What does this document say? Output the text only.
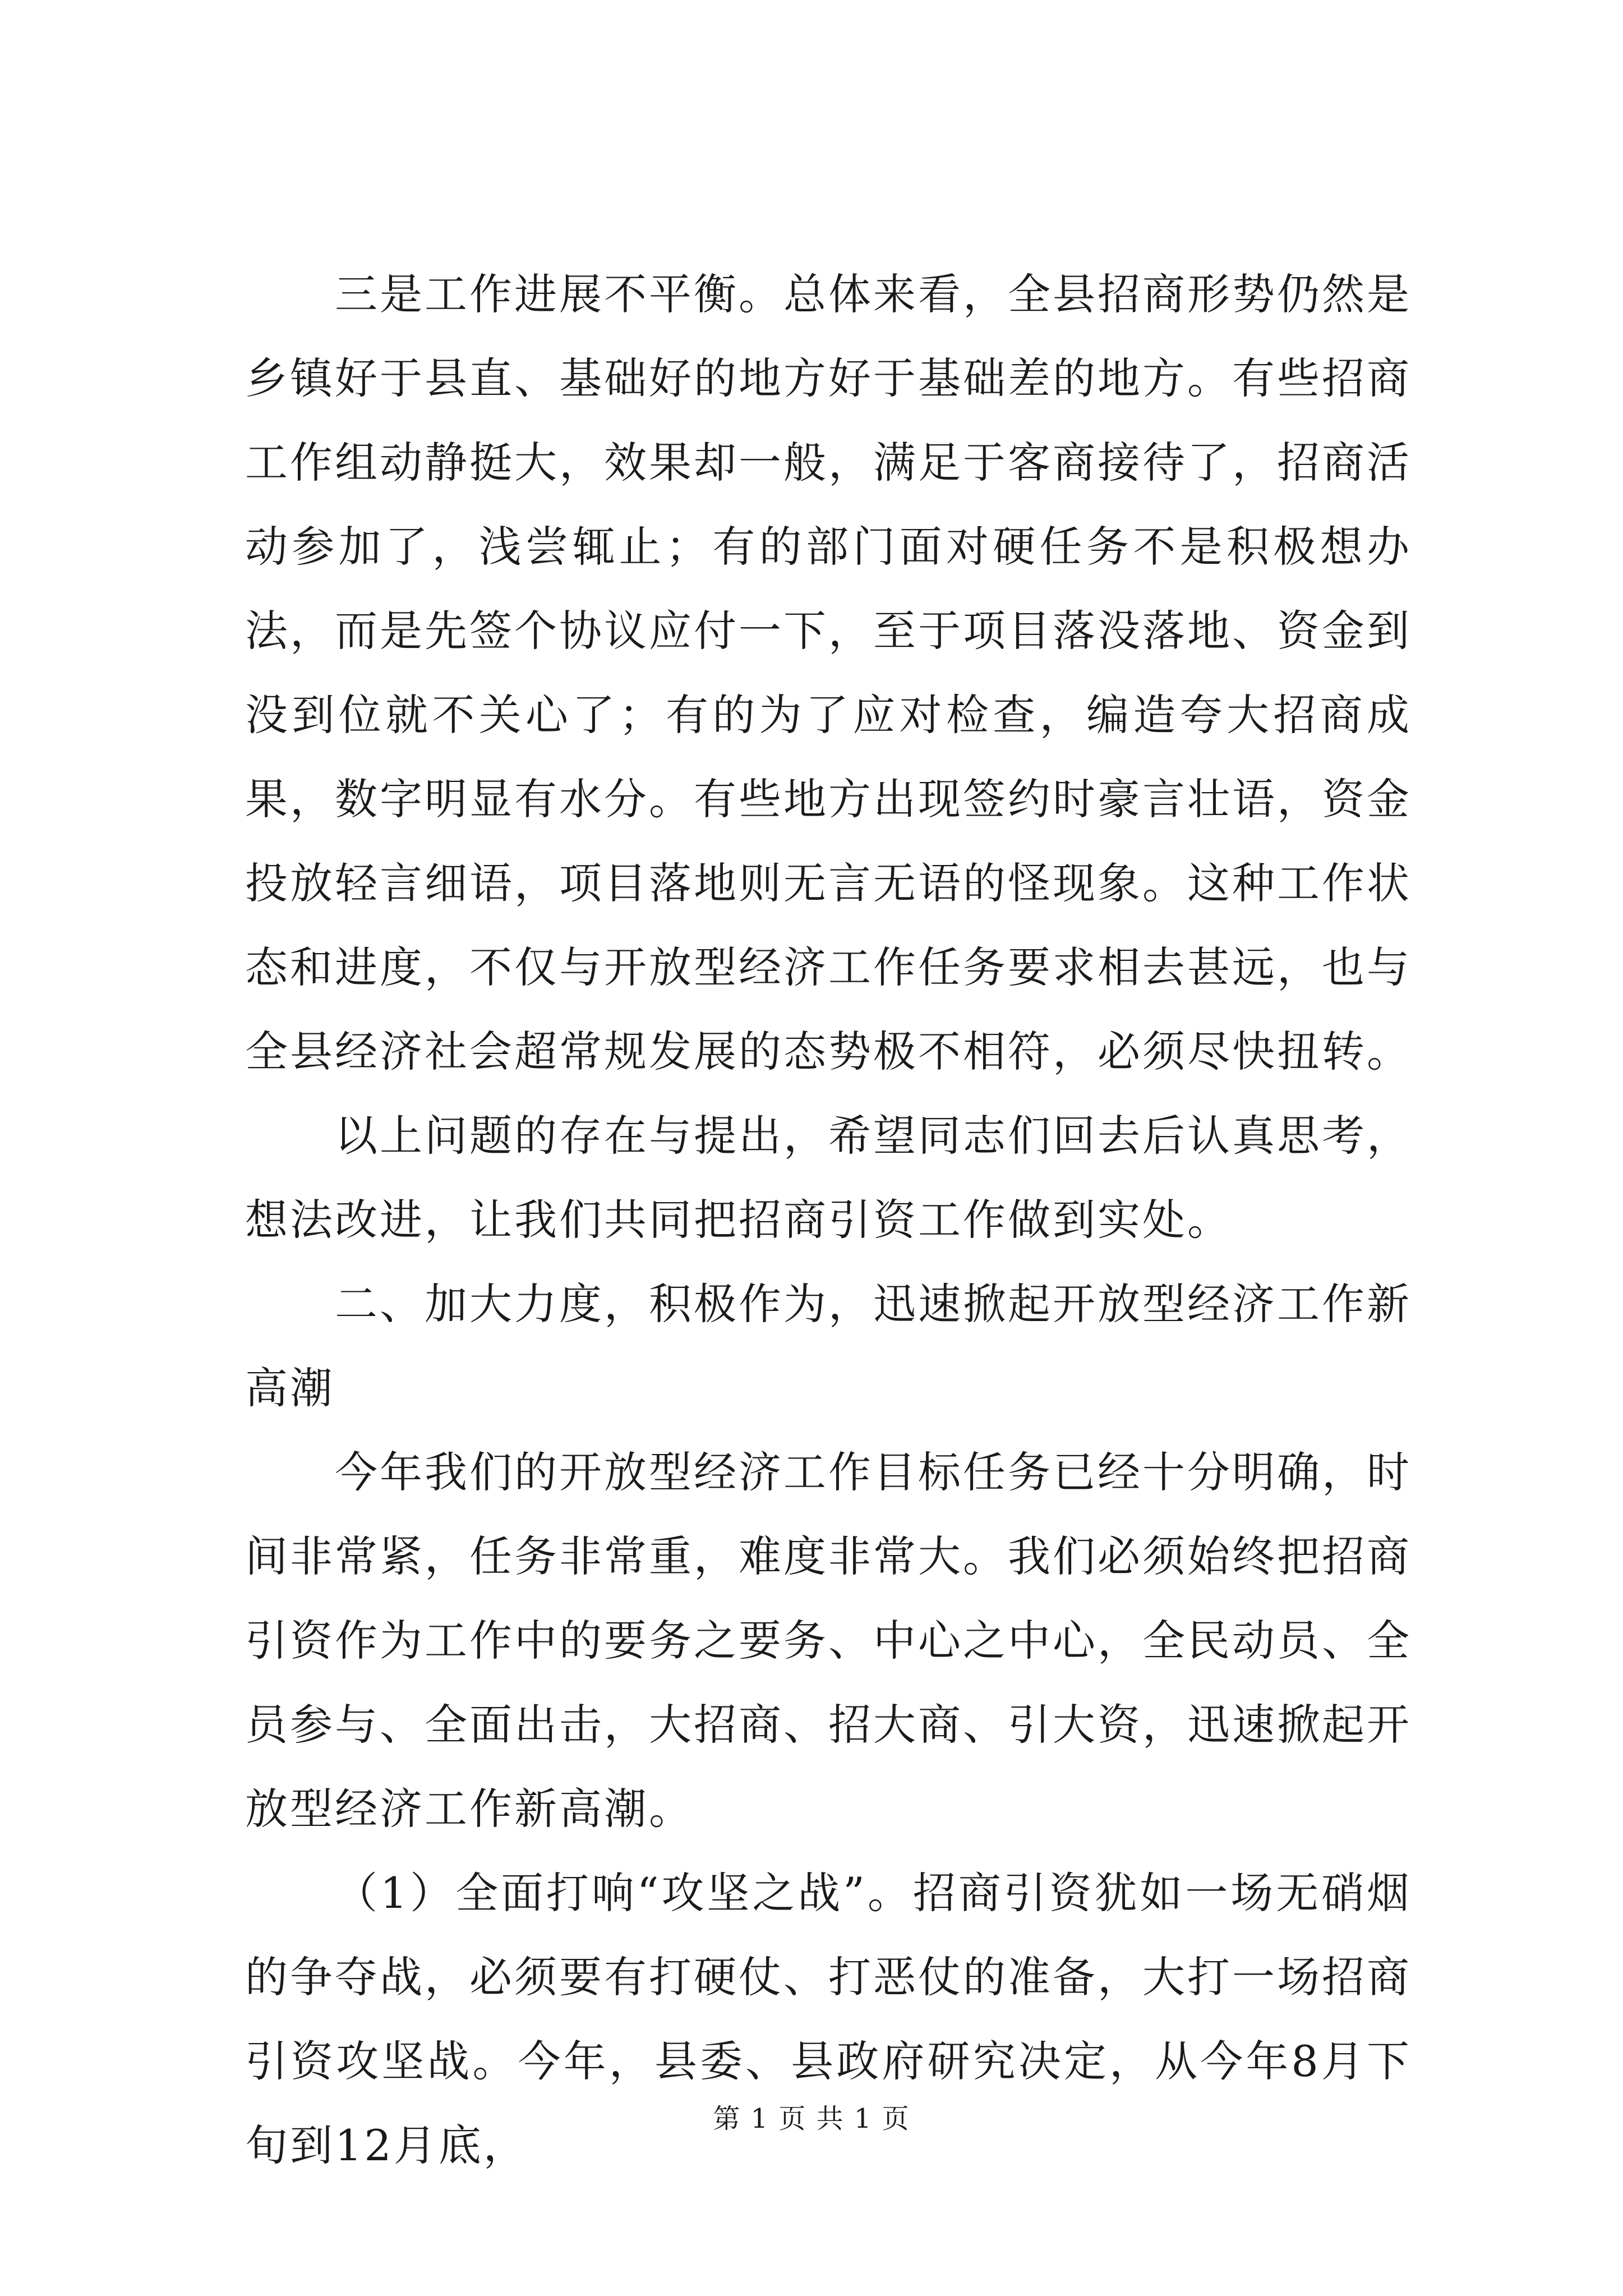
三是工作进展不平衡。总体来看，全县招商形势仍然是乡镇好于县直、基础好的地方好于基础差的地方。有些招商工作组动静挺大，效果却一般，满足于客商接待了，招商活动参加了，浅尝辄止；有的部门面对硬任务不是积极想办法，而是先签个协议应付一下，至于项目落没落地、资金到没到位就不关心了；有的为了应对检查，编造夸大招商成果，数字明显有水分。有些地方出现签约时豪言壮语，资金投放轻言细语，项目落地则无言无语的怪现象。这种工作状态和进度，不仅与开放型经济工作任务要求相去甚远，也与全县经济社会超常规发展的态势极不相符，必须尽快扭转。

以上问题的存在与提出，希望同志们回去后认真思考，想法改进，让我们共同把招商引资工作做到实处。

二、加大力度，积极作为，迅速掀起开放型经济工作新高潮

今年我们的开放型经济工作目标任务已经十分明确，时间非常紧，任务非常重，难度非常大。我们必须始终把招商引资作为工作中的要务之要务、中心之中心，全民动员、全员参与、全面出击，大招商、招大商、引大资，迅速掀起开放型经济工作新高潮。

（1）全面打响“攻坚之战”。招商引资犹如一场无硝烟的争夺战，必须要有打硬仗、打恶仗的准备，大打一场招商引资攻坚战。今年，县委、县政府研究决定，从今年8月下旬到12月底，

第 1 页 共 1 页
